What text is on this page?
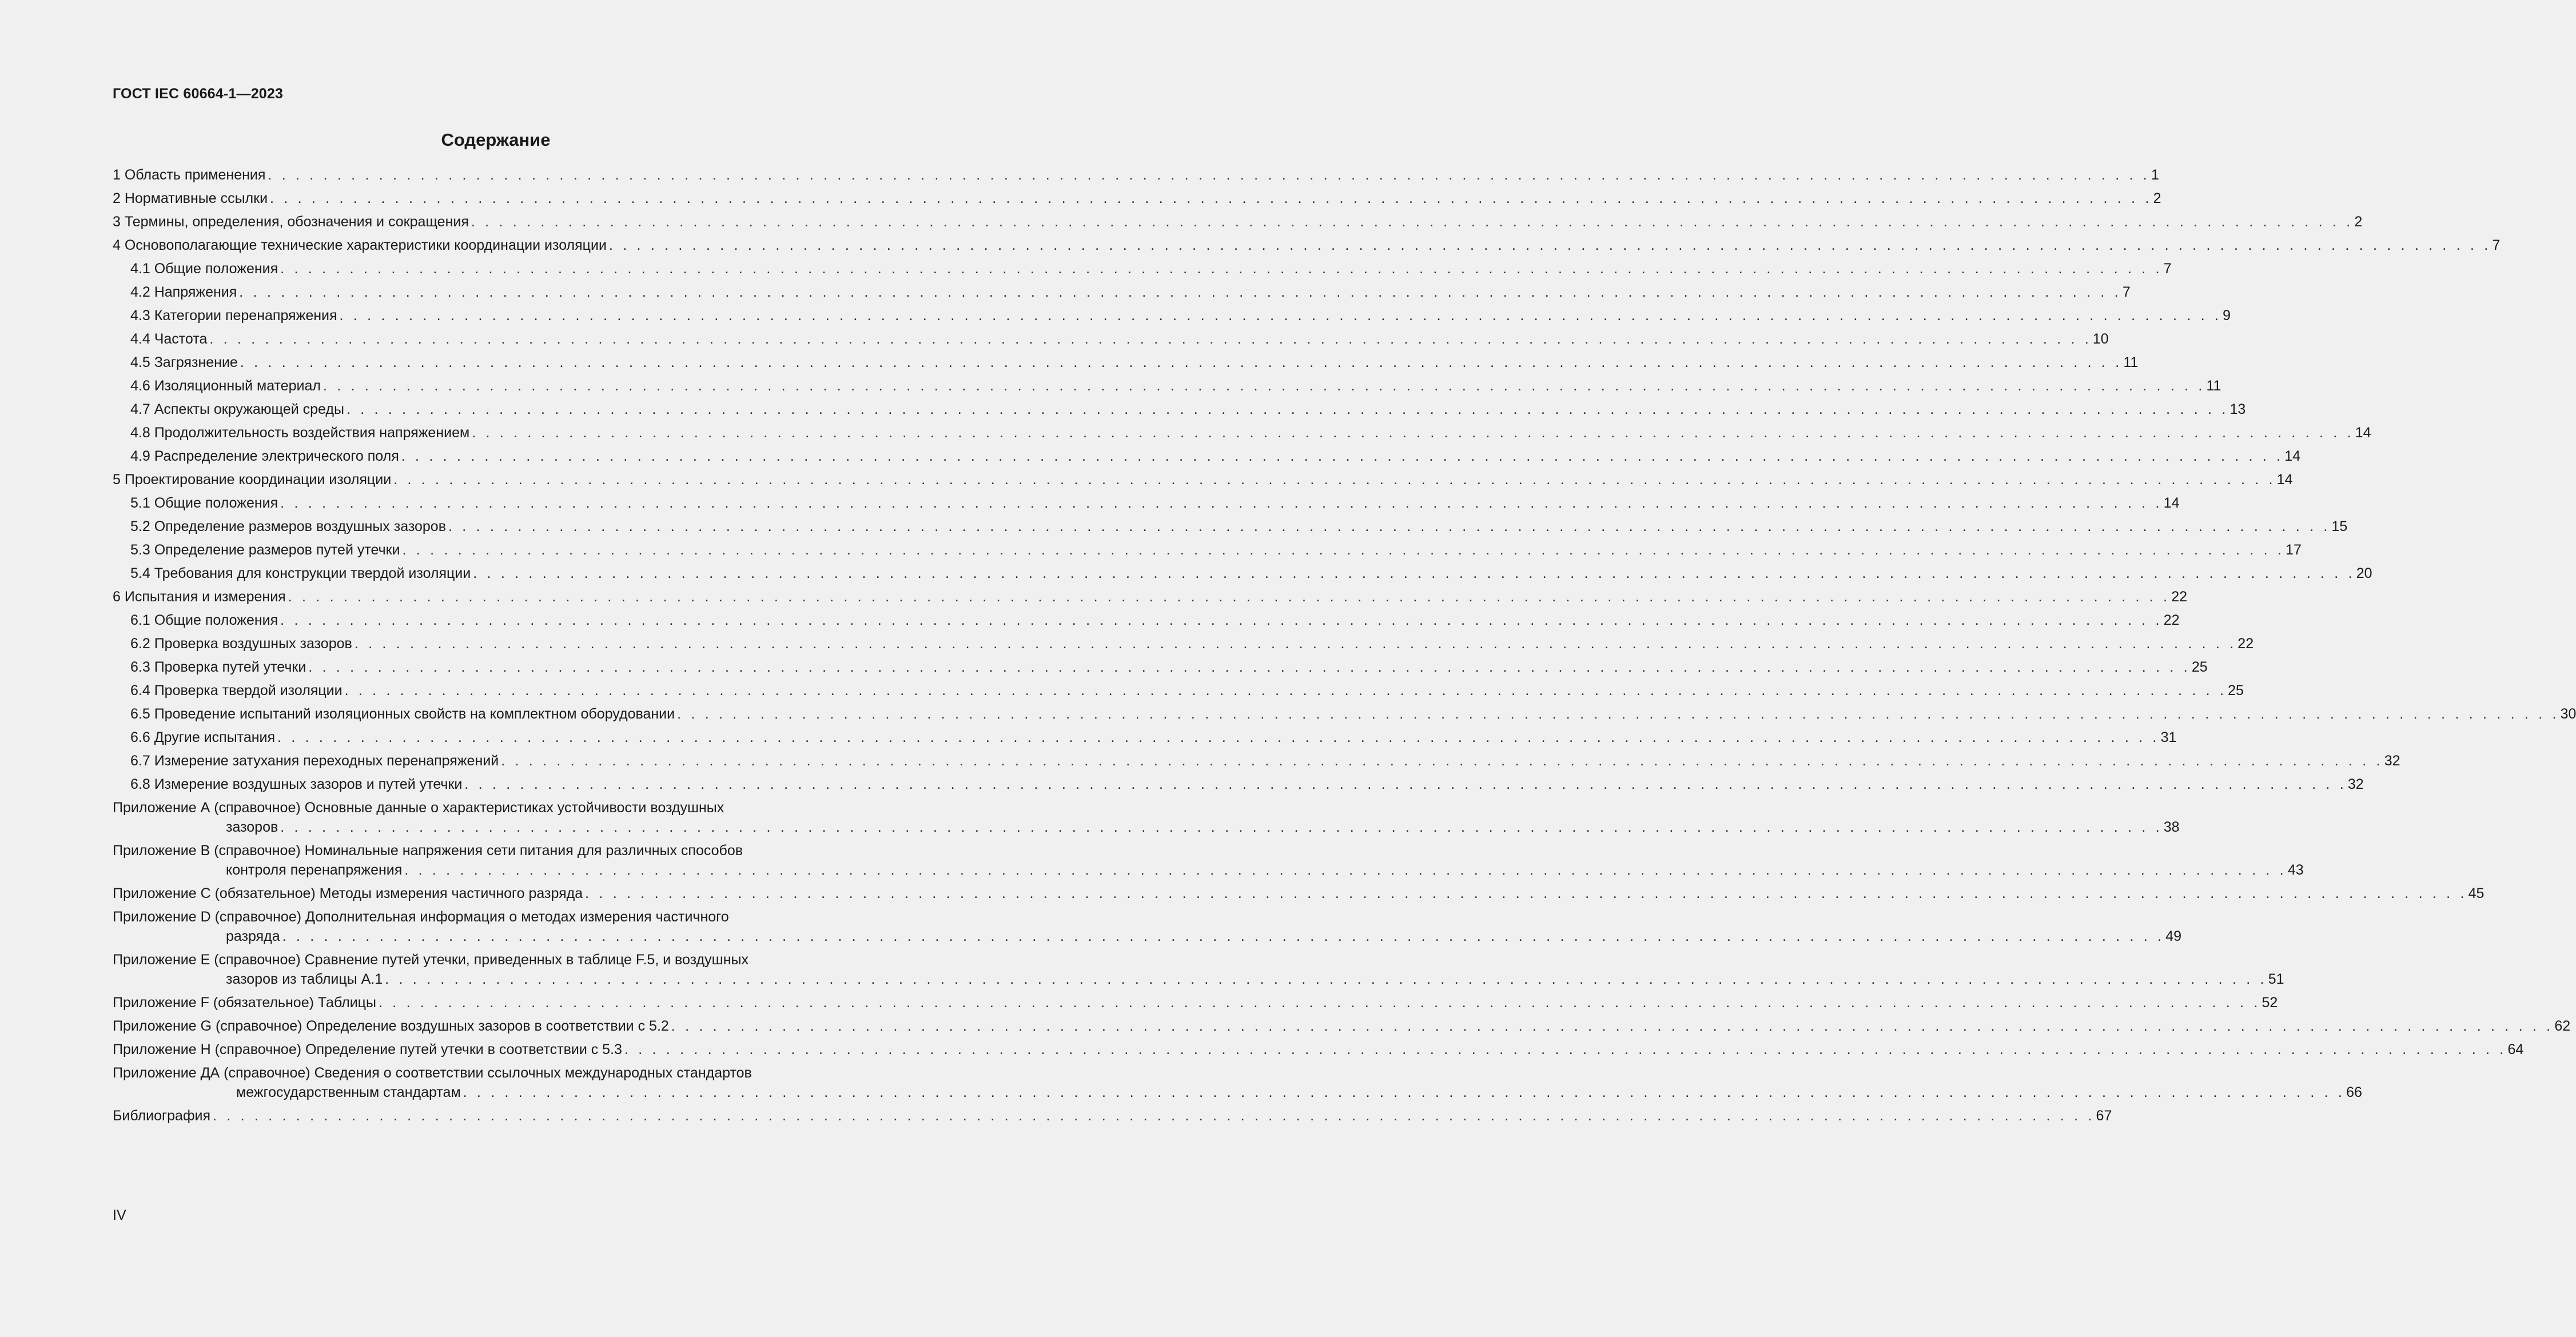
ГОСТ IEC 60664-1—2023
Содержание
1 Область применения . . . . . . . . . . . . . . . . . . . . . . . . . . . . . . . . . . . . . . . . . . . . . . . . . . . . . . . . . . . . . . . . . . . . . . . . . . . . . . . . . . . . . . . . . . . . . . . . . . . . . . . . . . . . . . . . . . . . . . . . . . . . . . . . . . . . . . . . 1
2 Нормативные ссылки . . . . . . . . . . . . . . . . . . . . . . . . . . . . . . . . . . . . . . . . . . . . . . . . . . . . . . . . . . . . . . . . . . . . . . . . . . . . . . . . . . . . . . . . . . . . . . . . . . . . . . . . . . . . . . . . . . . . . . . . . . . . . . . . . . . . . . . . 2
3 Термины, определения, обозначения и сокращения . . . . . . . . . . . . . . . . . . . . . . . . . . . . . . . . . . . . . . . . . . . . . . . . . . . . . . . . . . . . . . . . . . . . . . . . . . . . . . . . . . . . . . . . . . . . . . . . . . . . . . . . . . . . . . . . . . . . . . . . . . . . . . . . . . . . . . . . 2
4 Основополагающие технические характеристики координации изоляции . . . . . . . . . . . . . . . . . . . . . . . . . . . . . . . . . . . . . . . . . . . . . . . . . . . . . . . . . . . . . . . . . . . . . . . . . . . . . . . . . . . . . . . . . . . . . . . . . . . . . . . . . . . . . . . . . . . . . . . . . . . . . . . . . . . . . . . . 7
4.1 Общие положения . . . . . . . . . . . . . . . . . . . . . . . . . . . . . . . . . . . . . . . . . . . . . . . . . . . . . . . . . . . . . . . . . . . . . . . . . . . . . . . . . . . . . . . . . . . . . . . . . . . . . . . . . . . . . . . . . . . . . . . . . . . . . . . . . . . . . . . . 7
4.2 Напряжения . . . . . . . . . . . . . . . . . . . . . . . . . . . . . . . . . . . . . . . . . . . . . . . . . . . . . . . . . . . . . . . . . . . . . . . . . . . . . . . . . . . . . . . . . . . . . . . . . . . . . . . . . . . . . . . . . . . . . . . . . . . . . . . . . . . . . . . . 7
4.3 Категории перенапряжения . . . . . . . . . . . . . . . . . . . . . . . . . . . . . . . . . . . . . . . . . . . . . . . . . . . . . . . . . . . . . . . . . . . . . . . . . . . . . . . . . . . . . . . . . . . . . . . . . . . . . . . . . . . . . . . . . . . . . . . . . . . . . . . . . . . . . . . . 9
4.4 Частота . . . . . . . . . . . . . . . . . . . . . . . . . . . . . . . . . . . . . . . . . . . . . . . . . . . . . . . . . . . . . . . . . . . . . . . . . . . . . . . . . . . . . . . . . . . . . . . . . . . . . . . . . . . . . . . . . . . . . . . . . . . . . . . . . . . . . . . . 10
4.5 Загрязнение . . . . . . . . . . . . . . . . . . . . . . . . . . . . . . . . . . . . . . . . . . . . . . . . . . . . . . . . . . . . . . . . . . . . . . . . . . . . . . . . . . . . . . . . . . . . . . . . . . . . . . . . . . . . . . . . . . . . . . . . . . . . . . . . . . . . . . . . 11
4.6 Изоляционный материал . . . . . . . . . . . . . . . . . . . . . . . . . . . . . . . . . . . . . . . . . . . . . . . . . . . . . . . . . . . . . . . . . . . . . . . . . . . . . . . . . . . . . . . . . . . . . . . . . . . . . . . . . . . . . . . . . . . . . . . . . . . . . . . . . . . . . . . . 11
4.7 Аспекты окружающей среды . . . . . . . . . . . . . . . . . . . . . . . . . . . . . . . . . . . . . . . . . . . . . . . . . . . . . . . . . . . . . . . . . . . . . . . . . . . . . . . . . . . . . . . . . . . . . . . . . . . . . . . . . . . . . . . . . . . . . . . . . . . . . . . . . . . . . . . . 13
4.8 Продолжительность воздействия напряжением . . . . . . . . . . . . . . . . . . . . . . . . . . . . . . . . . . . . . . . . . . . . . . . . . . . . . . . . . . . . . . . . . . . . . . . . . . . . . . . . . . . . . . . . . . . . . . . . . . . . . . . . . . . . . . . . . . . . . . . . . . . . . . . . . . . . . . . . 14
4.9 Распределение электрического поля . . . . . . . . . . . . . . . . . . . . . . . . . . . . . . . . . . . . . . . . . . . . . . . . . . . . . . . . . . . . . . . . . . . . . . . . . . . . . . . . . . . . . . . . . . . . . . . . . . . . . . . . . . . . . . . . . . . . . . . . . . . . . . . . . . . . . . . . 14
5 Проектирование координации изоляции . . . . . . . . . . . . . . . . . . . . . . . . . . . . . . . . . . . . . . . . . . . . . . . . . . . . . . . . . . . . . . . . . . . . . . . . . . . . . . . . . . . . . . . . . . . . . . . . . . . . . . . . . . . . . . . . . . . . . . . . . . . . . . . . . . . . . . . . 14
5.1 Общие положения . . . . . . . . . . . . . . . . . . . . . . . . . . . . . . . . . . . . . . . . . . . . . . . . . . . . . . . . . . . . . . . . . . . . . . . . . . . . . . . . . . . . . . . . . . . . . . . . . . . . . . . . . . . . . . . . . . . . . . . . . . . . . . . . . . . . . . . . 14
5.2 Определение размеров воздушных зазоров . . . . . . . . . . . . . . . . . . . . . . . . . . . . . . . . . . . . . . . . . . . . . . . . . . . . . . . . . . . . . . . . . . . . . . . . . . . . . . . . . . . . . . . . . . . . . . . . . . . . . . . . . . . . . . . . . . . . . . . . . . . . . . . . . . . . . . . . 15
5.3 Определение размеров путей утечки . . . . . . . . . . . . . . . . . . . . . . . . . . . . . . . . . . . . . . . . . . . . . . . . . . . . . . . . . . . . . . . . . . . . . . . . . . . . . . . . . . . . . . . . . . . . . . . . . . . . . . . . . . . . . . . . . . . . . . . . . . . . . . . . . . . . . . . . 17
5.4 Требования для конструкции твердой изоляции . . . . . . . . . . . . . . . . . . . . . . . . . . . . . . . . . . . . . . . . . . . . . . . . . . . . . . . . . . . . . . . . . . . . . . . . . . . . . . . . . . . . . . . . . . . . . . . . . . . . . . . . . . . . . . . . . . . . . . . . . . . . . . . . . . . . . . . . 20
6 Испытания и измерения . . . . . . . . . . . . . . . . . . . . . . . . . . . . . . . . . . . . . . . . . . . . . . . . . . . . . . . . . . . . . . . . . . . . . . . . . . . . . . . . . . . . . . . . . . . . . . . . . . . . . . . . . . . . . . . . . . . . . . . . . . . . . . . . . . . . . . . . 22
6.1 Общие положения . . . . . . . . . . . . . . . . . . . . . . . . . . . . . . . . . . . . . . . . . . . . . . . . . . . . . . . . . . . . . . . . . . . . . . . . . . . . . . . . . . . . . . . . . . . . . . . . . . . . . . . . . . . . . . . . . . . . . . . . . . . . . . . . . . . . . . . . 22
6.2 Проверка воздушных зазоров . . . . . . . . . . . . . . . . . . . . . . . . . . . . . . . . . . . . . . . . . . . . . . . . . . . . . . . . . . . . . . . . . . . . . . . . . . . . . . . . . . . . . . . . . . . . . . . . . . . . . . . . . . . . . . . . . . . . . . . . . . . . . . . . . . . . . . . . 22
6.3 Проверка путей утечки . . . . . . . . . . . . . . . . . . . . . . . . . . . . . . . . . . . . . . . . . . . . . . . . . . . . . . . . . . . . . . . . . . . . . . . . . . . . . . . . . . . . . . . . . . . . . . . . . . . . . . . . . . . . . . . . . . . . . . . . . . . . . . . . . . . . . . . . 25
6.4 Проверка твердой изоляции . . . . . . . . . . . . . . . . . . . . . . . . . . . . . . . . . . . . . . . . . . . . . . . . . . . . . . . . . . . . . . . . . . . . . . . . . . . . . . . . . . . . . . . . . . . . . . . . . . . . . . . . . . . . . . . . . . . . . . . . . . . . . . . . . . . . . . . . 25
6.5 Проведение испытаний изоляционных свойств на комплектном оборудовании . . . . . . . . . . . . . . . . . . . . . . . . . . . . . . . . . . . . . . . . . . . . . . . . . . . . . . . . . . . . . . . . . . . . . . . . . . . . . . . . . . . . . . . . . . . . . . . . . . . . . . . . . . . . . . . . . . . . . . . . . . . . . . . . . . . . . . . . 30
6.6 Другие испытания . . . . . . . . . . . . . . . . . . . . . . . . . . . . . . . . . . . . . . . . . . . . . . . . . . . . . . . . . . . . . . . . . . . . . . . . . . . . . . . . . . . . . . . . . . . . . . . . . . . . . . . . . . . . . . . . . . . . . . . . . . . . . . . . . . . . . . . . 31
6.7 Измерение затухания переходных перенапряжений . . . . . . . . . . . . . . . . . . . . . . . . . . . . . . . . . . . . . . . . . . . . . . . . . . . . . . . . . . . . . . . . . . . . . . . . . . . . . . . . . . . . . . . . . . . . . . . . . . . . . . . . . . . . . . . . . . . . . . . . . . . . . . . . . . . . . . . . 32
6.8 Измерение воздушных зазоров и путей утечки . . . . . . . . . . . . . . . . . . . . . . . . . . . . . . . . . . . . . . . . . . . . . . . . . . . . . . . . . . . . . . . . . . . . . . . . . . . . . . . . . . . . . . . . . . . . . . . . . . . . . . . . . . . . . . . . . . . . . . . . . . . . . . . . . . . . . . . . 32
Приложение А (справочное) Основные данные о характеристиках устойчивости воздушных
зазоров . . . . . . . . . . . . . . . . . . . . . . . . . . . . . . . . . . . . . . . . . . . . . . . . . . . . . . . . . . . . . . . . . . . . . . . . . . . . . . . . . . . . . . . . . . . . . . . . . . . . . . . . . . . . . . . . . . . . . . . . . . . . . . . . . . . . . . . . 38
Приложение В (справочное) Номинальные напряжения сети питания для различных способов
контроля перенапряжения . . . . . . . . . . . . . . . . . . . . . . . . . . . . . . . . . . . . . . . . . . . . . . . . . . . . . . . . . . . . . . . . . . . . . . . . . . . . . . . . . . . . . . . . . . . . . . . . . . . . . . . . . . . . . . . . . . . . . . . . . . . . . . . . . . . . . . . . 43
Приложение С (обязательное) Методы измерения частичного разряда . . . . . . . . . . . . . . . . . . . . . . . . . . . . . . . . . . . . . . . . . . . . . . . . . . . . . . . . . . . . . . . . . . . . . . . . . . . . . . . . . . . . . . . . . . . . . . . . . . . . . . . . . . . . . . . . . . . . . . . . . . . . . . . . . . . . . . . . 45
Приложение D (справочное) Дополнительная информация о методах измерения частичного
разряда . . . . . . . . . . . . . . . . . . . . . . . . . . . . . . . . . . . . . . . . . . . . . . . . . . . . . . . . . . . . . . . . . . . . . . . . . . . . . . . . . . . . . . . . . . . . . . . . . . . . . . . . . . . . . . . . . . . . . . . . . . . . . . . . . . . . . . . . 49
Приложение Е (справочное) Сравнение путей утечки, приведенных в таблице F.5, и воздушных
зазоров из таблицы А.1 . . . . . . . . . . . . . . . . . . . . . . . . . . . . . . . . . . . . . . . . . . . . . . . . . . . . . . . . . . . . . . . . . . . . . . . . . . . . . . . . . . . . . . . . . . . . . . . . . . . . . . . . . . . . . . . . . . . . . . . . . . . . . . . . . . . . . . . . 51
Приложение F (обязательное) Таблицы . . . . . . . . . . . . . . . . . . . . . . . . . . . . . . . . . . . . . . . . . . . . . . . . . . . . . . . . . . . . . . . . . . . . . . . . . . . . . . . . . . . . . . . . . . . . . . . . . . . . . . . . . . . . . . . . . . . . . . . . . . . . . . . . . . . . . . . . 52
Приложение G (справочное) Определение воздушных зазоров в соответствии с 5.2 . . . . . . . . . . . . . . . . . . . . . . . . . . . . . . . . . . . . . . . . . . . . . . . . . . . . . . . . . . . . . . . . . . . . . . . . . . . . . . . . . . . . . . . . . . . . . . . . . . . . . . . . . . . . . . . . . . . . . . . . . . . . . . . . . . . . . . . . 62
Приложение Н (справочное) Определение путей утечки в соответствии с 5.3 . . . . . . . . . . . . . . . . . . . . . . . . . . . . . . . . . . . . . . . . . . . . . . . . . . . . . . . . . . . . . . . . . . . . . . . . . . . . . . . . . . . . . . . . . . . . . . . . . . . . . . . . . . . . . . . . . . . . . . . . . . . . . . . . . . . . . . . . 64
Приложение ДА (справочное) Сведения о соответствии ссылочных международных стандартов
межгосударственным стандартам . . . . . . . . . . . . . . . . . . . . . . . . . . . . . . . . . . . . . . . . . . . . . . . . . . . . . . . . . . . . . . . . . . . . . . . . . . . . . . . . . . . . . . . . . . . . . . . . . . . . . . . . . . . . . . . . . . . . . . . . . . . . . . . . . . . . . . . . 66
Библиография . . . . . . . . . . . . . . . . . . . . . . . . . . . . . . . . . . . . . . . . . . . . . . . . . . . . . . . . . . . . . . . . . . . . . . . . . . . . . . . . . . . . . . . . . . . . . . . . . . . . . . . . . . . . . . . . . . . . . . . . . . . . . . . . . . . . . . . . 67
IV
